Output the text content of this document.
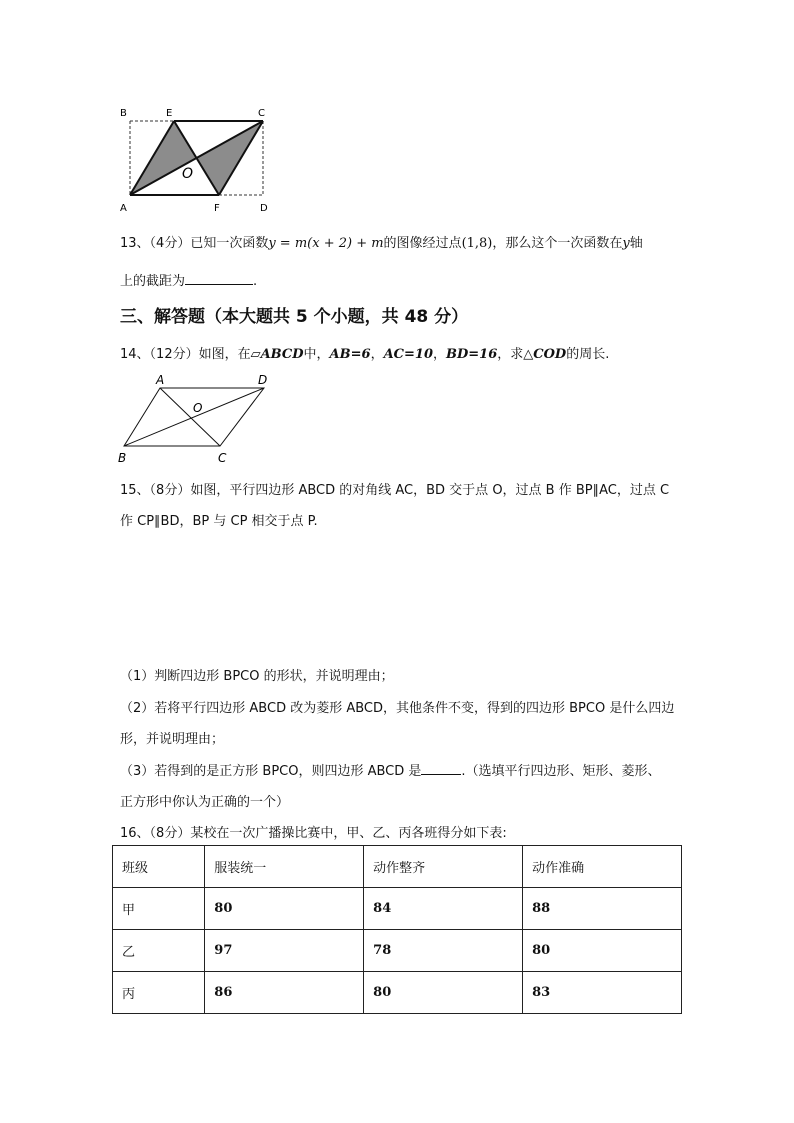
B	E	C
A	F	D
O
13、（4分）已知一次函数y = m(x + 2) + m的图像经过点(1,8)，那么这个一次函数在y轴
上的截距为	.
三、解答题（本大题共 5 个小题，共 48 分）
14、（12分）如图，在▱ABCD中，AB=6，AC=10，BD=16，求△COD的周长.
A	D
O
B	C
15、（8分）如图，平行四边形 ABCD 的对角线 AC，BD 交于点 O，过点 B 作 BP∥AC，过点 C
作 CP∥BD，BP 与 CP 相交于点 P.
（1）判断四边形 BPCO 的形状，并说明理由；
（2）若将平行四边形 ABCD 改为菱形 ABCD，其他条件不变，得到的四边形 BPCO 是什么四边
形，并说明理由；
（3）若得到的是正方形 BPCO，则四边形 ABCD 是	.（选填平行四边形、矩形、菱形、
正方形中你认为正确的一个）
16、（8分）某校在一次广播操比赛中，甲、乙、丙各班得分如下表:
班级	服装统一	动作整齐	动作准确
甲	80	84	88
乙	97	78	80
丙	86	80	83
